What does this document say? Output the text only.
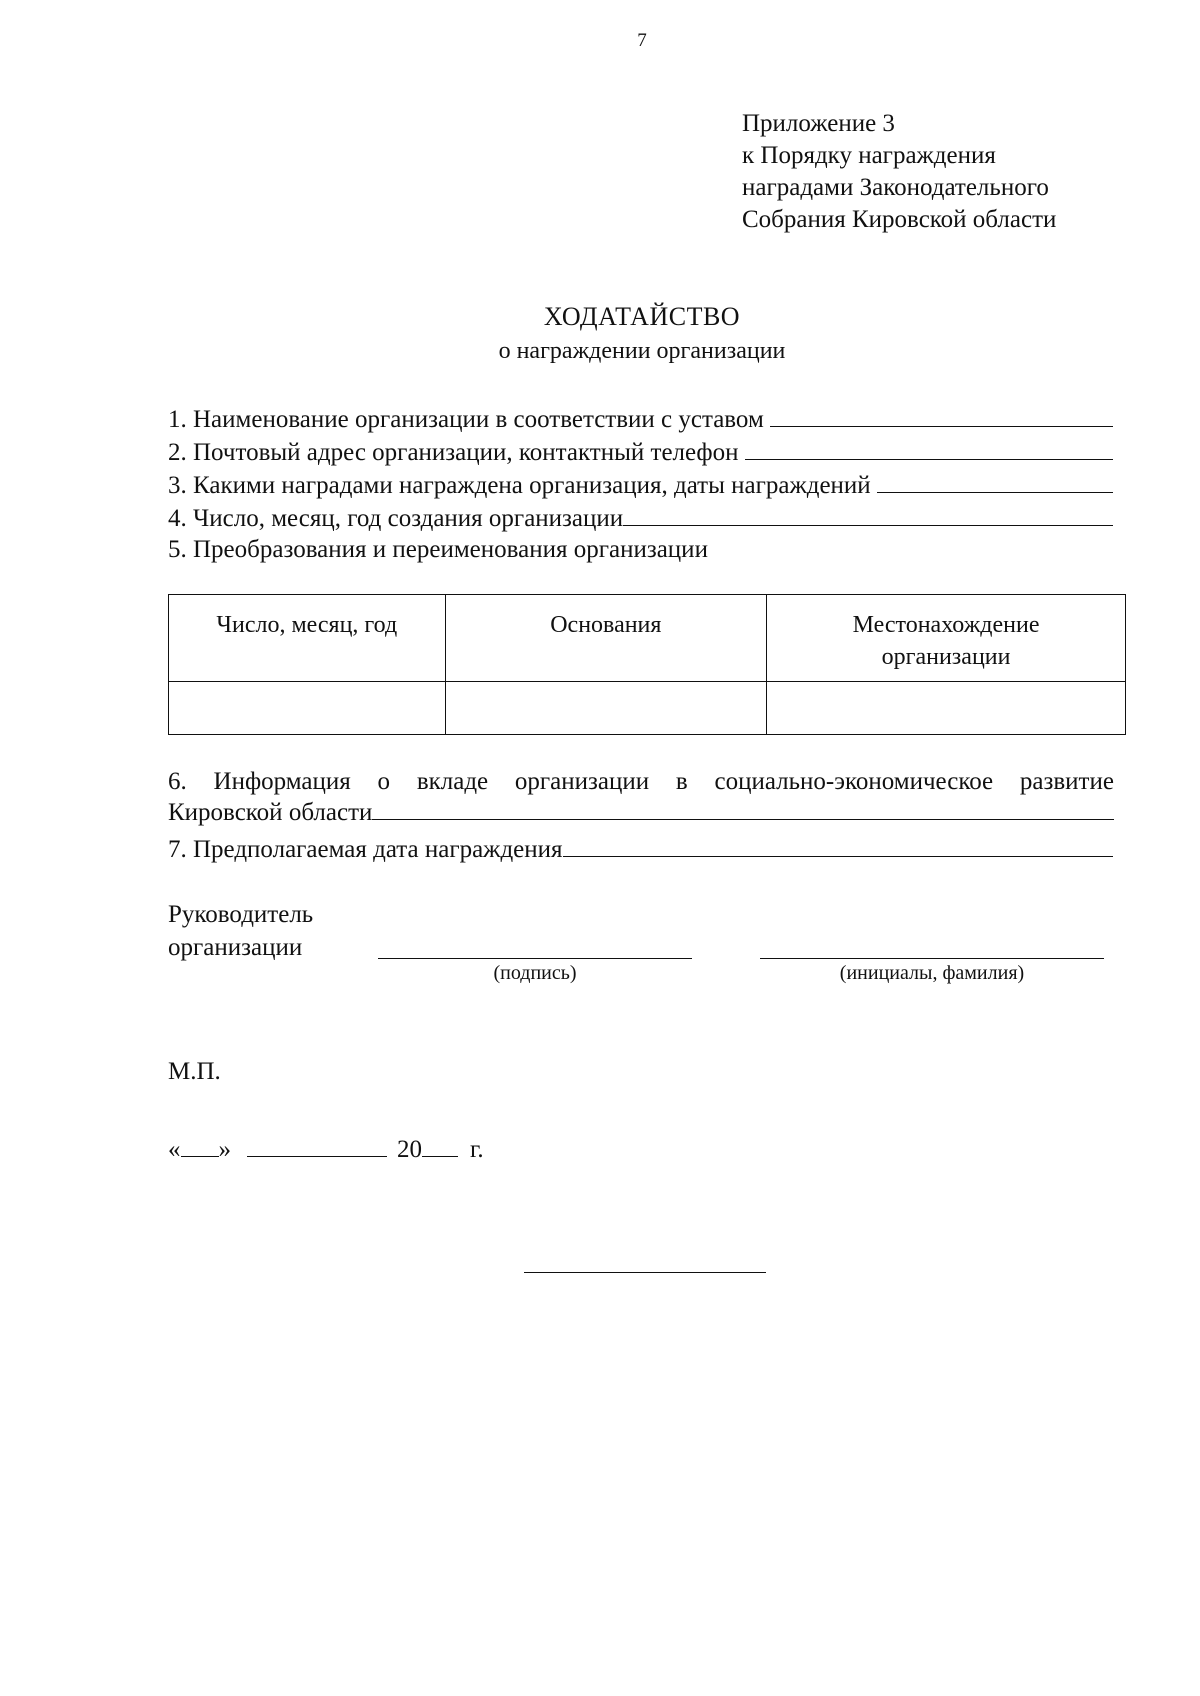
7
Приложение 3
к Порядку награждения
наградами Законодательного
Собрания Кировской области
ХОДАТАЙСТВО
о награждении организации
1. Наименование организации в соответствии с уставом
2. Почтовый адрес организации, контактный телефон
3. Какими наградами награждена организация, даты награждений
4. Число, месяц, год создания организации
5. Преобразования и переименования организации
Число, месяц, год	Основания	Местонахождение организации

6. Информация о вкладе организации в социально-экономическое развитие
Кировской области
7. Предполагаемая дата награждения
Руководитель
организации
(подпись)	(инициалы, фамилия)
М.П.
« »	20 г.
